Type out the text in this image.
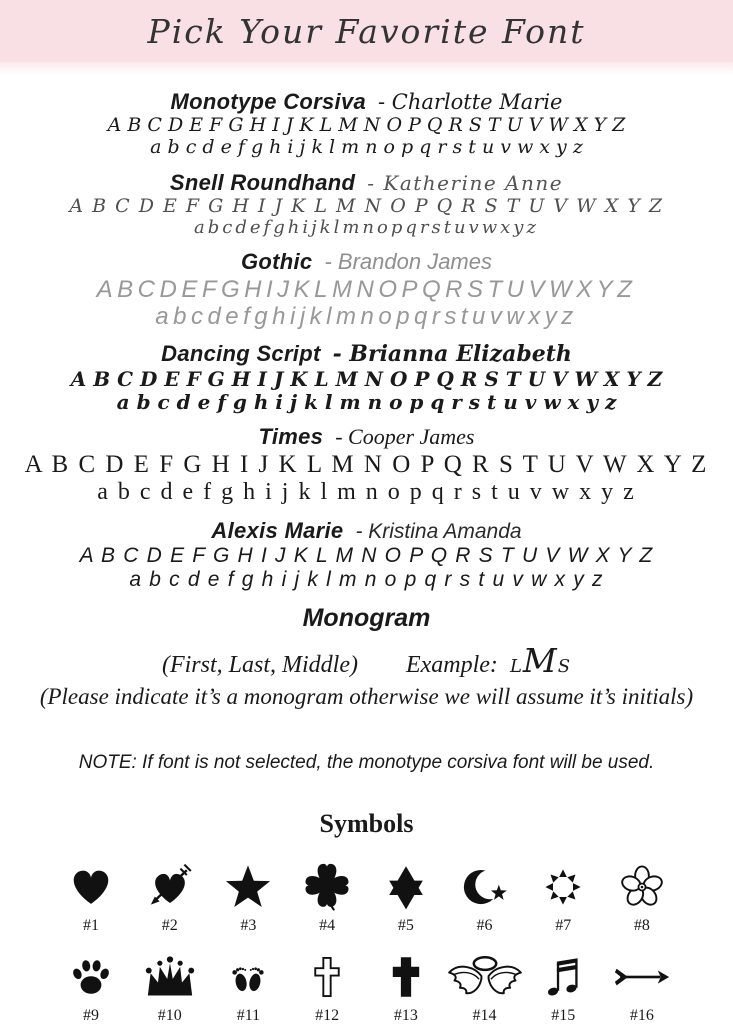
Pick Your Favorite Font
Monotype Corsiva - Charlotte Marie
A B C D E F G H I J K L M N O P Q R S T U V W X Y Z
a b c d e f g h i j k l m n o p q r s t u v w x y z
Snell Roundhand - Katherine Anne
A B C D E F G H I J K L M N O P Q R S T U V W X Y Z
abcdefghijklmnopqrstuvwxyz
Gothic - Brandon James
ABCDEFGHIJKLMNOPQRSTUVWXYZ
abcdefghijklmnopqrstuvwxyz
Dancing Script - Brianna Elizabeth
A B C D E F G H I J K L M N O P Q R S T U V W X Y Z
a b c d e f g h i j k l m n o p q r s t u v w x y z
Times - Cooper James
A B C D E F G H I J K L M N O P Q R S T U V W X Y Z
a b c d e f g h i j k l m n o p q r s t u v w x y z
Alexis Marie - Kristina Amanda
A B C D E F G H I J K L M N O P Q R S T U V W X Y Z
a b c d e f g h i j k l m n o p q r s t u v w x y z
Monogram
(First, Last, Middle) Example: LMS
(Please indicate it’s a monogram otherwise we will assume it’s initials)
NOTE: If font is not selected, the monotype corsiva font will be used.
Symbols
#1	#2	#3	#4	#5	#6	#7	#8
#9	#10	#11	#12	#13	#14	#15	#16
